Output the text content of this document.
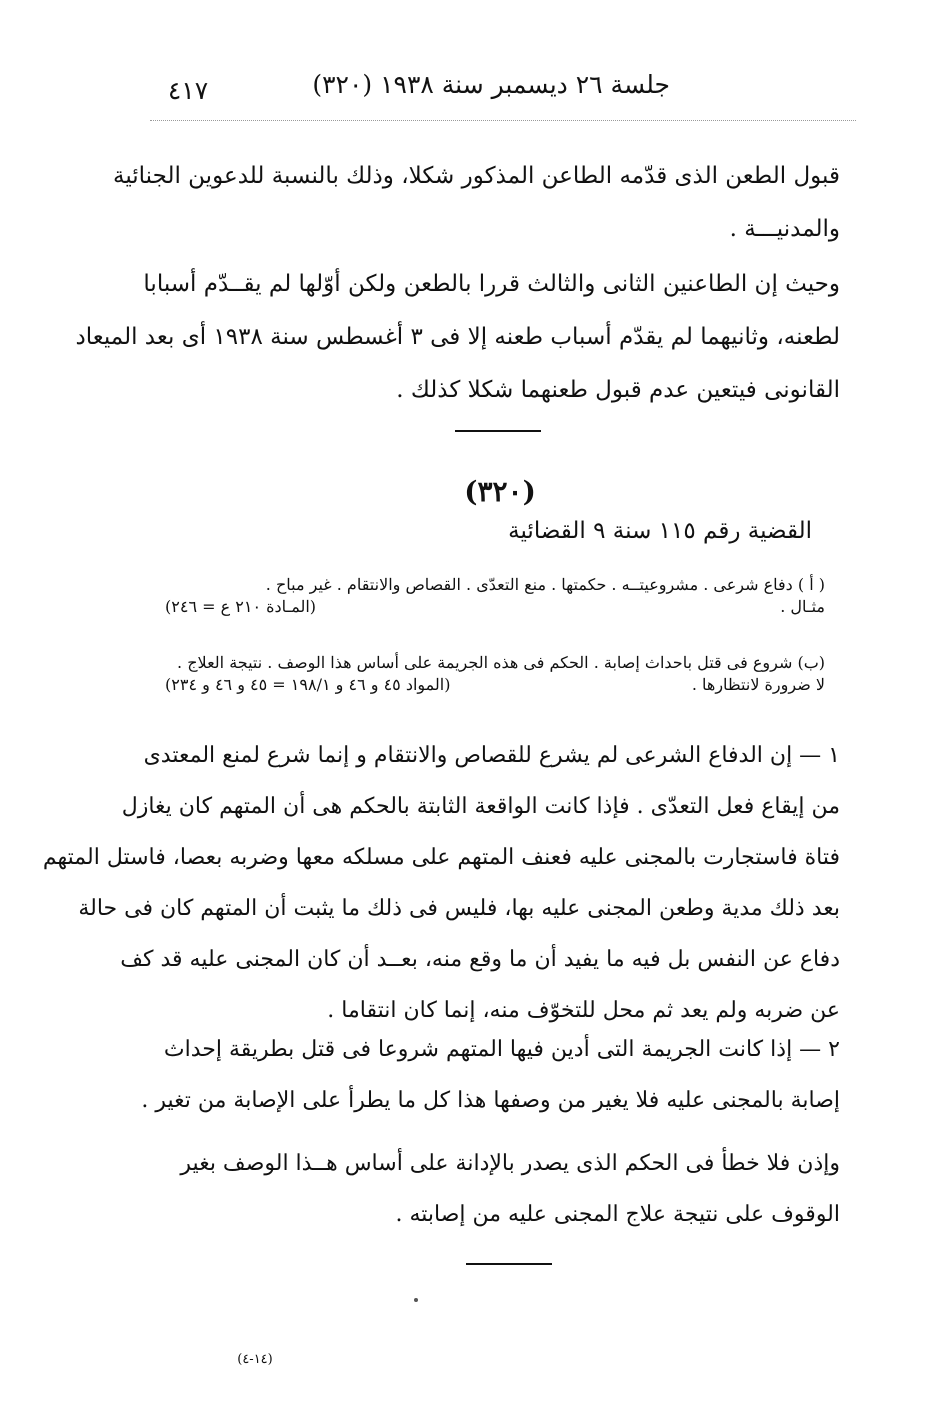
جلسة ٢٦ ديسمبر سنة ١٩٣٨ (٣٢٠)
٤١٧
قبول الطعن الذى قدّمه الطاعن المذكور شكلا، وذلك بالنسبة للدعوين الجنائية
والمدنيـــة .
وحيث إن الطاعنين الثانى والثالث قررا بالطعن ولكن أوّلها لم يقــدّم أسبابا
لطعنه، وثانيهما لم يقدّم أسباب طعنه إلا فى ٣ أغسطس سنة ١٩٣٨ أى بعد الميعاد
القانونى فيتعين عدم قبول طعنهما شكلا كذلك .
(٣٢٠)
القضية رقم ١١٥ سنة ٩ القضائية
( أ ) دفاع شرعى . مشروعيتــه . حكمتها . منع التعدّى . القصاص والانتقام . غير مباح .
مثـال .
(المـادة ٢١٠ ع = ٢٤٦)
(ب) شروع فى قتل باحداث إصابة . الحكم فى هذه الجريمة على أساس هذا الوصف . نتيجة العلاج .
لا ضرورة لانتظارها .
(المواد ٤٥ و ٤٦ و ١٩٨/١ = ٤٥ و ٤٦ و ٢٣٤)
١ — إن الدفاع الشرعى لم يشرع للقصاص والانتقام و إنما شرع لمنع المعتدى
من إيقاع فعل التعدّى . فإذا كانت الواقعة الثابتة بالحكم هى أن المتهم كان يغازل
فتاة فاستجارت بالمجنى عليه فعنف المتهم على مسلكه معها وضربه بعصا، فاستل المتهم
بعد ذلك مدية وطعن المجنى عليه بها، فليس فى ذلك ما يثبت أن المتهم كان فى حالة
دفاع عن النفس بل فيه ما يفيد أن ما وقع منه، بعــد أن كان المجنى عليه قد كف
عن ضربه ولم يعد ثم محل للتخوّف منه، إنما كان انتقاما .
٢ — إذا كانت الجريمة التى أدين فيها المتهم شروعا فى قتل بطريقة إحداث
إصابة بالمجنى عليه فلا يغير من وصفها هذا كل ما يطرأ على الإصابة من تغير .
وإذن فلا خطأ فى الحكم الذى يصدر بالإدانة على أساس هــذا الوصف بغير
الوقوف على نتيجة علاج المجنى عليه من إصابته .
(١٤-٤)
